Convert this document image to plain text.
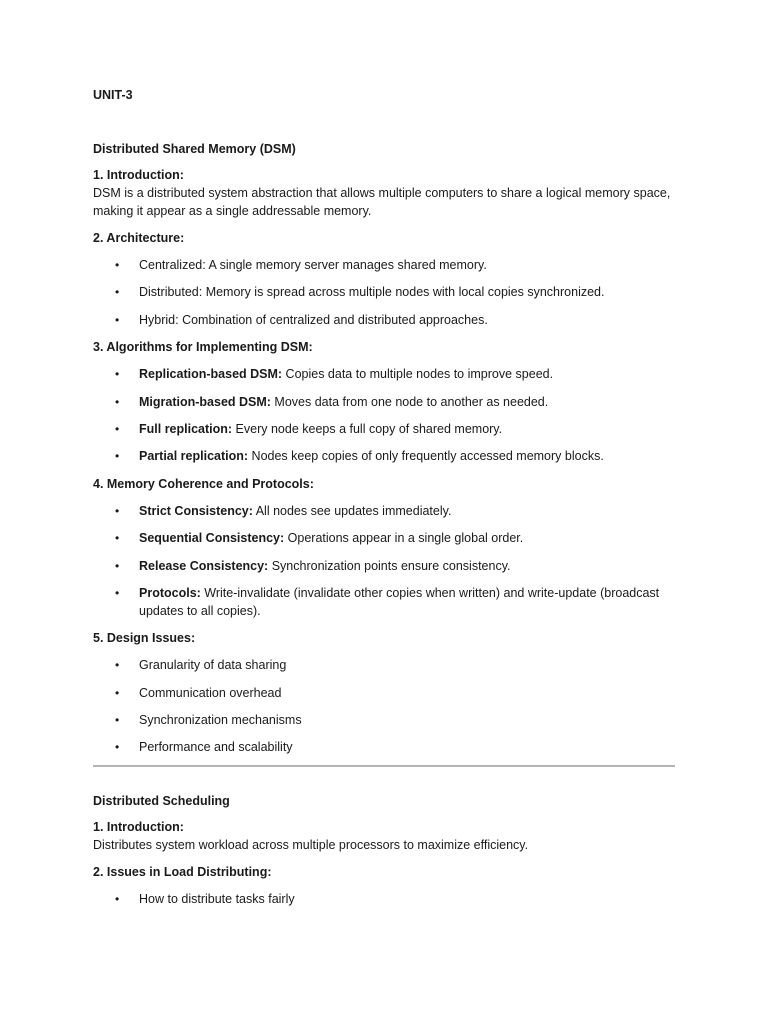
UNIT-3
Distributed Shared Memory (DSM)
1. Introduction:
DSM is a distributed system abstraction that allows multiple computers to share a logical memory space, making it appear as a single addressable memory.
2. Architecture:
• Centralized: A single memory server manages shared memory.
• Distributed: Memory is spread across multiple nodes with local copies synchronized.
• Hybrid: Combination of centralized and distributed approaches.
3. Algorithms for Implementing DSM:
• Replication-based DSM: Copies data to multiple nodes to improve speed.
• Migration-based DSM: Moves data from one node to another as needed.
• Full replication: Every node keeps a full copy of shared memory.
• Partial replication: Nodes keep copies of only frequently accessed memory blocks.
4. Memory Coherence and Protocols:
• Strict Consistency: All nodes see updates immediately.
• Sequential Consistency: Operations appear in a single global order.
• Release Consistency: Synchronization points ensure consistency.
• Protocols: Write-invalidate (invalidate other copies when written) and write-update (broadcast updates to all copies).
5. Design Issues:
• Granularity of data sharing
• Communication overhead
• Synchronization mechanisms
• Performance and scalability
Distributed Scheduling
1. Introduction:
Distributes system workload across multiple processors to maximize efficiency.
2. Issues in Load Distributing:
• How to distribute tasks fairly
